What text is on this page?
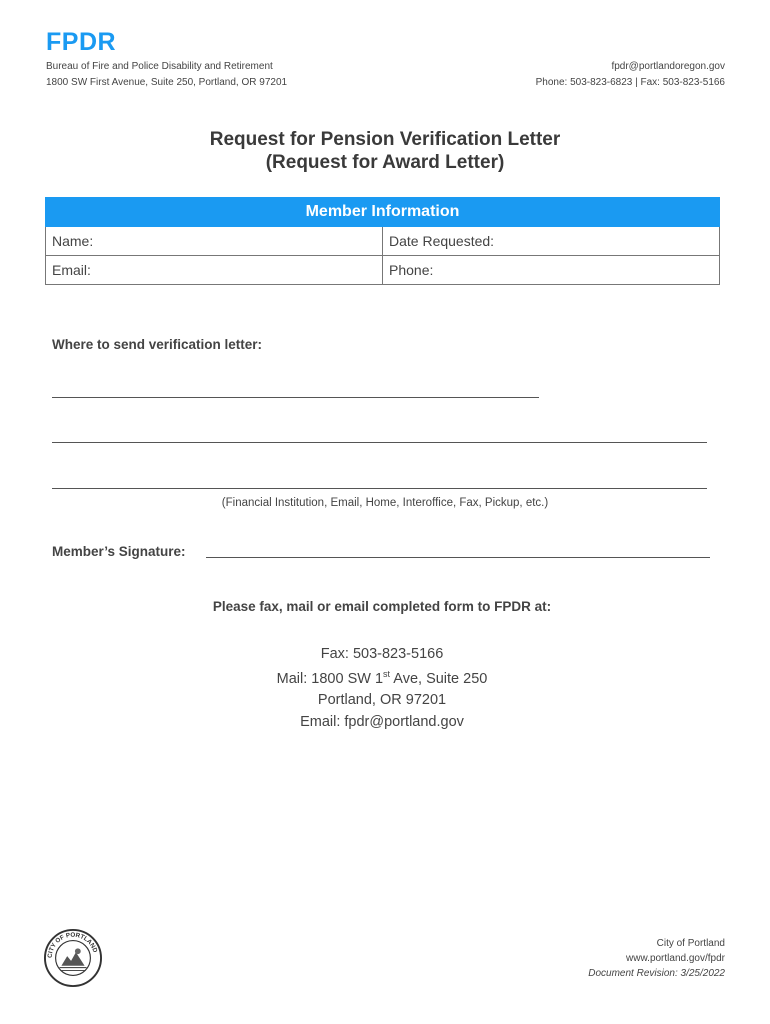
FPDR
Bureau of Fire and Police Disability and Retirement
1800 SW First Avenue, Suite 250, Portland, OR 97201
fpdr@portlandoregon.gov
Phone: 503-823-6823 | Fax: 503-823-5166
Request for Pension Verification Letter
(Request for Award Letter)
Member Information	
Name:	Date Requested:
Email:	Phone:
Where to send verification letter:
(Financial Institution, Email, Home, Interoffice, Fax, Pickup, etc.)
Member’s Signature:
Please fax, mail or email completed form to FPDR at:
Fax: 503-823-5166
Mail: 1800 SW 1st Ave, Suite 250
Portland, OR 97201
Email: fpdr@portland.gov
CITY OF PORTLAND
City of Portland
www.portland.gov/fpdr
Document Revision: 3/25/2022
